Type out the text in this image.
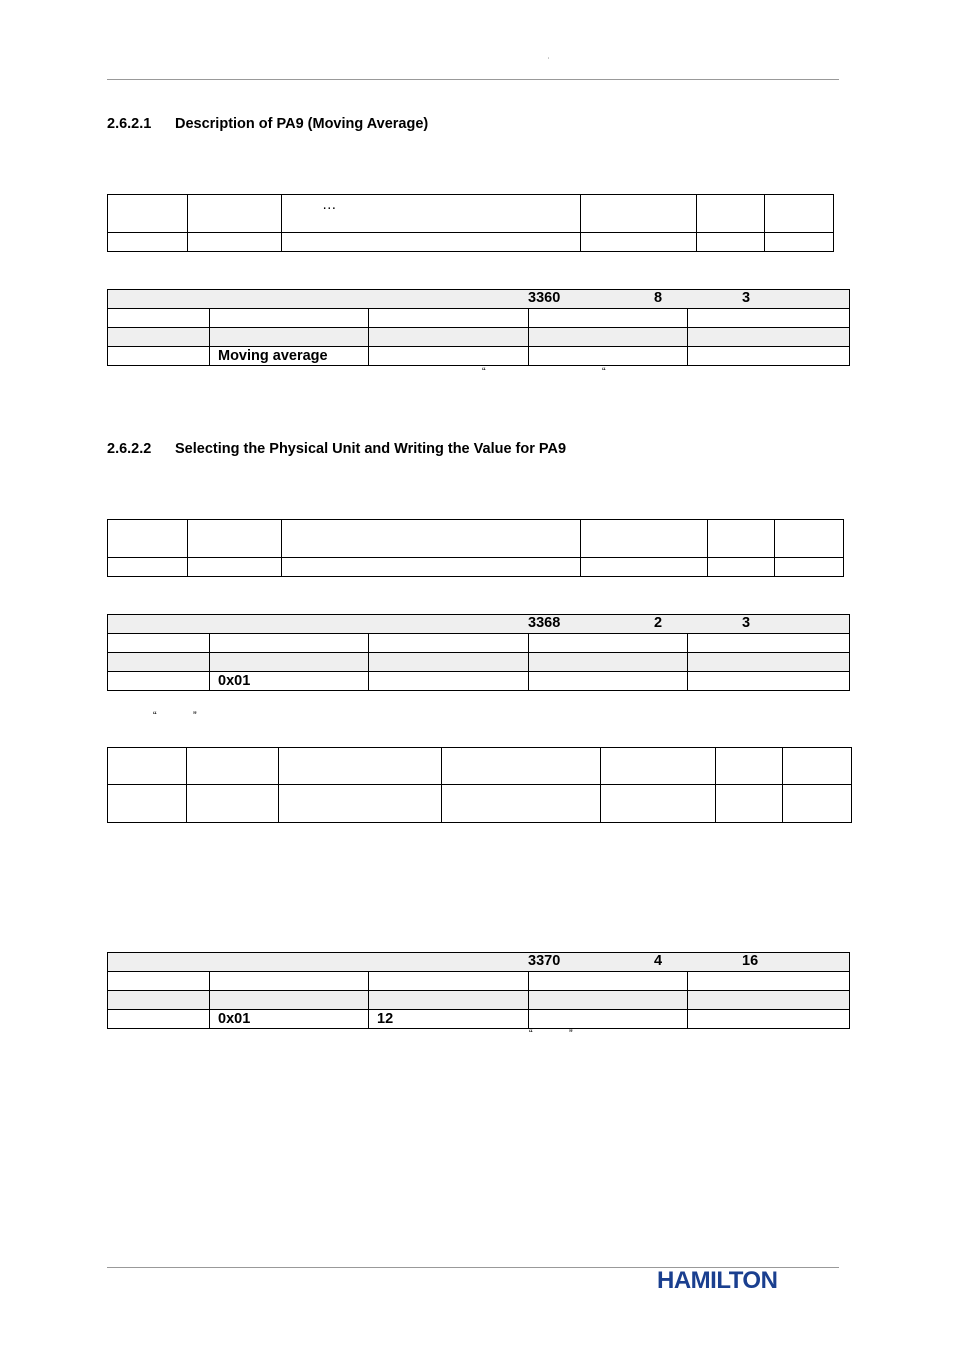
’
2.6.2.1 Description of PA9 (Moving Average)
		…			

3360 8 3				

	Moving average			
“	“
2.6.2.2 Selecting the Physical Unit and Writing the Value for PA9

3368 2 3				

	0x01			
“	”

3370 4 16				

	0x01	12		
“	”
HAMILTON
